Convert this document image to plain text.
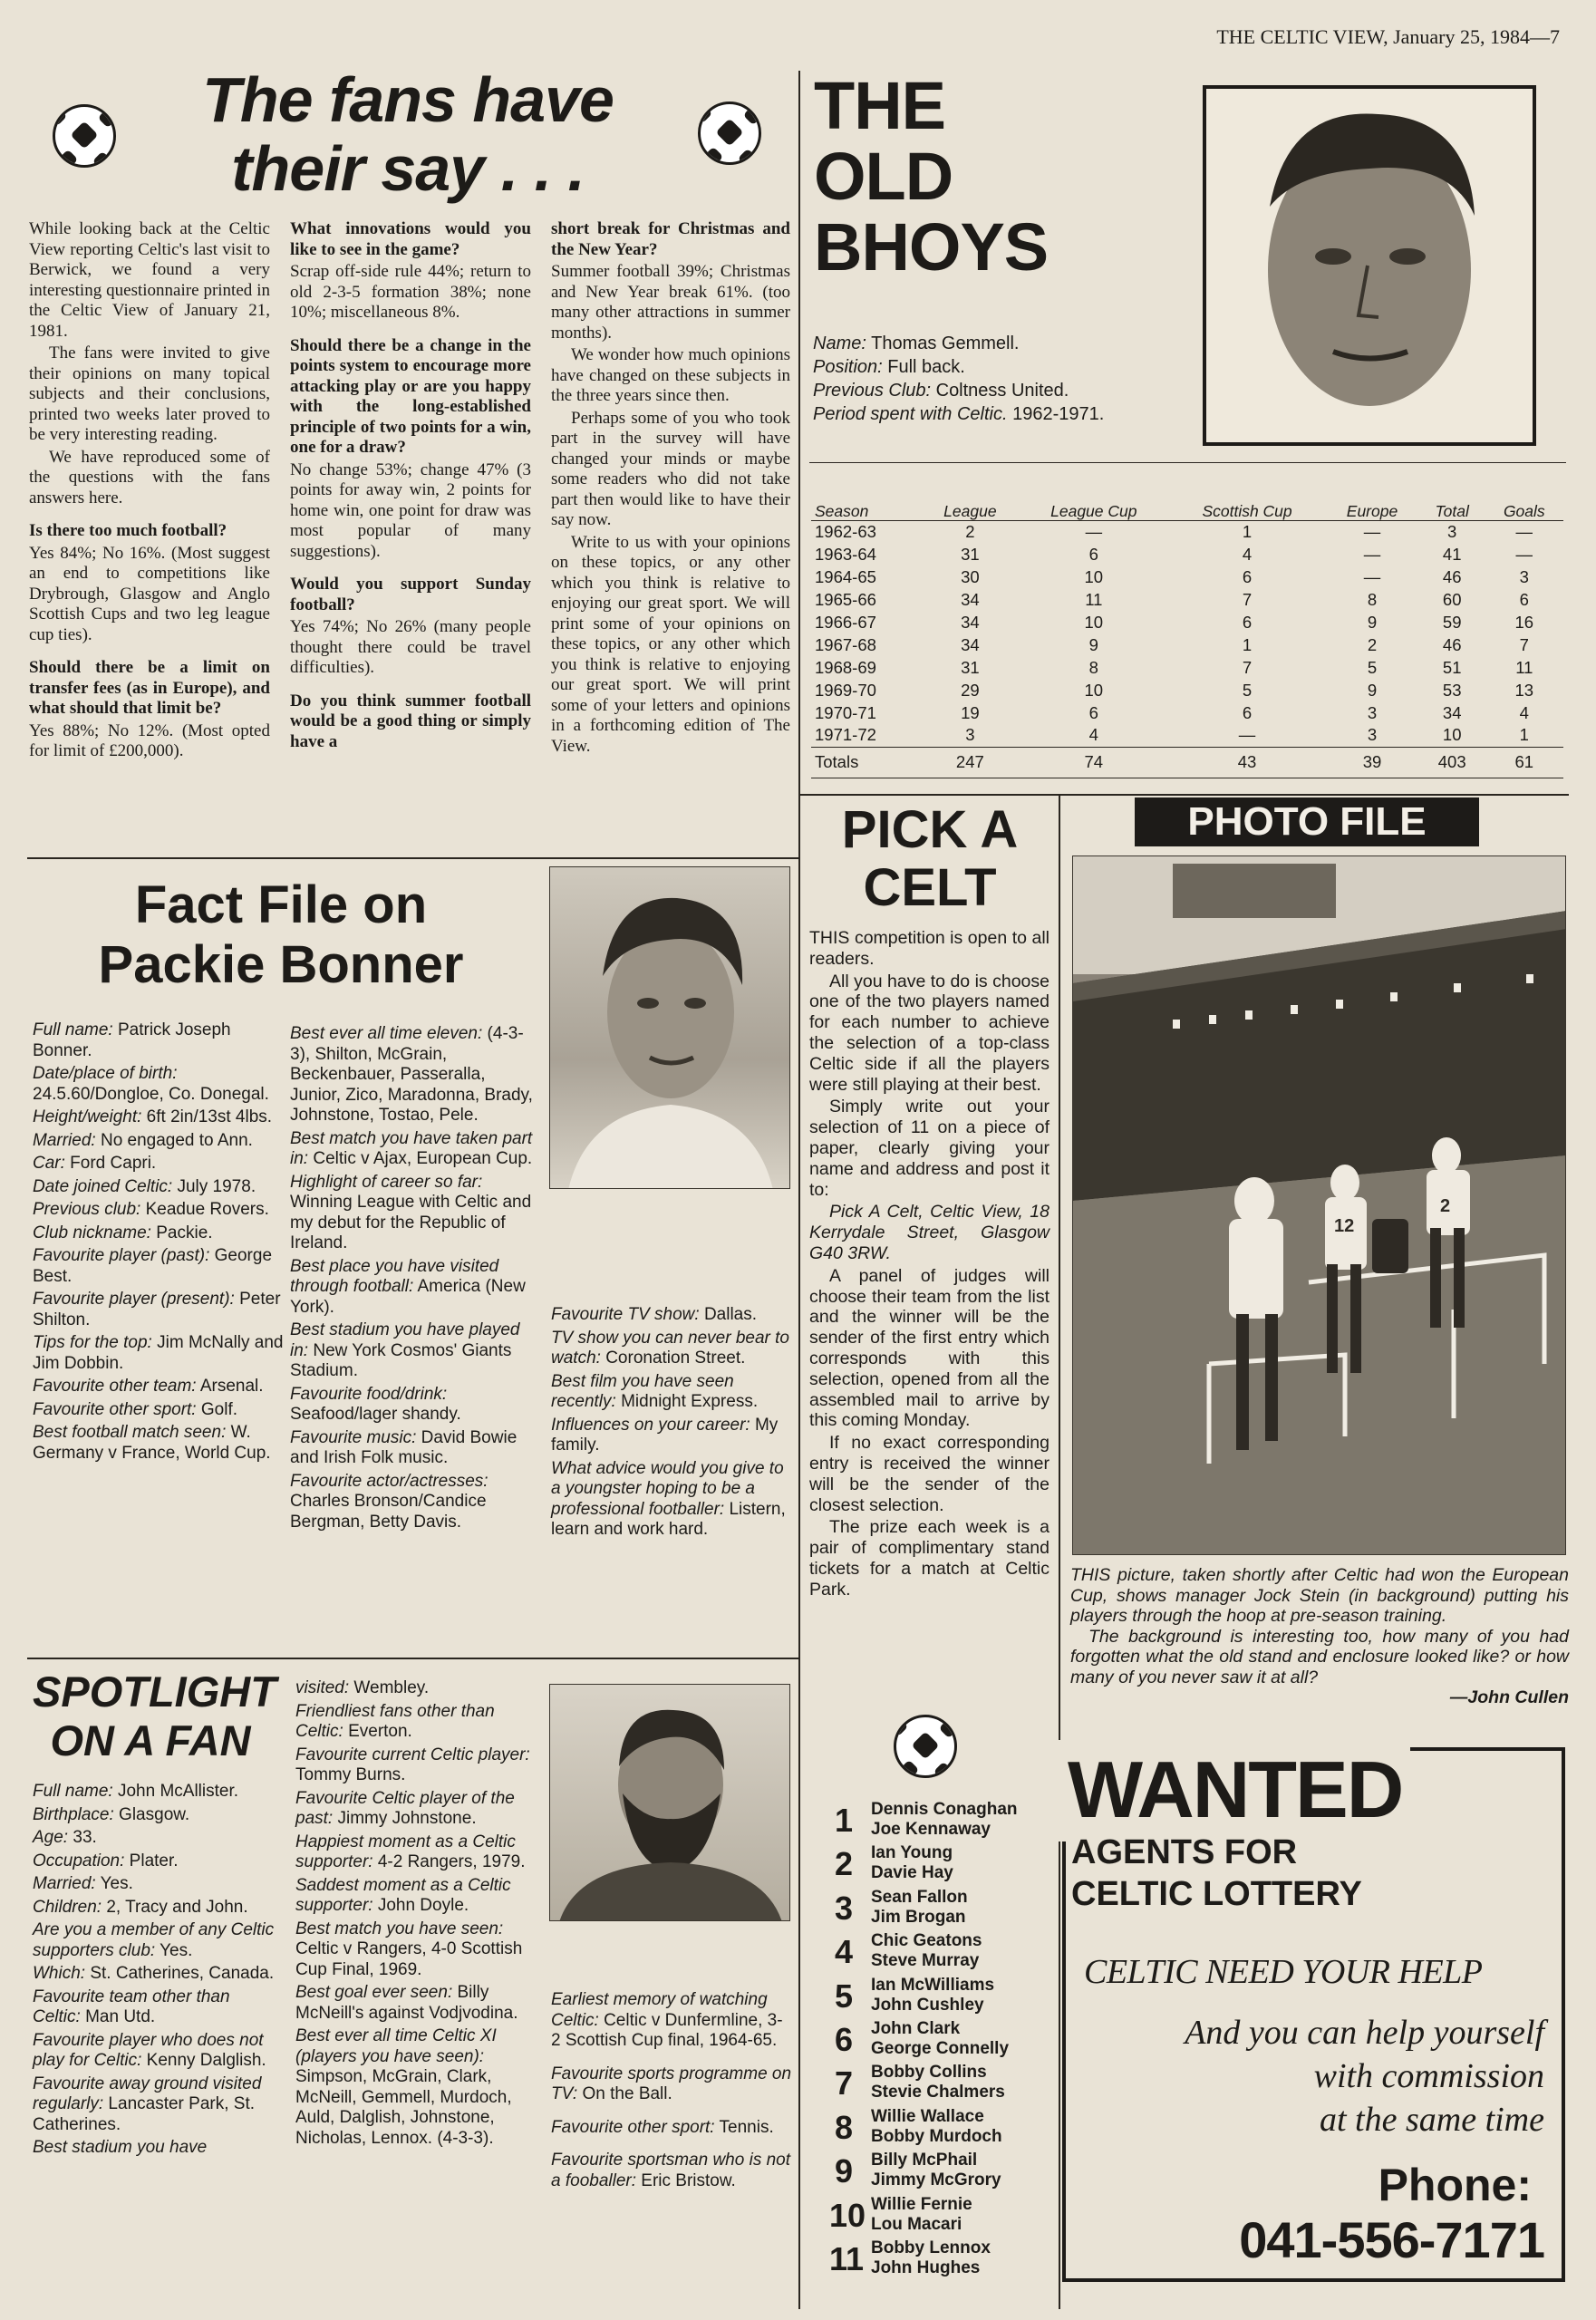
THE CELTIC VIEW, January 25, 1984—7
The fans have
their say . . .

While looking back at the Celtic View reporting Celtic's last visit to Berwick, we found a very interesting questionnaire printed in the Celtic View of January 21, 1981.

The fans were invited to give their opinions on many topical subjects and their conclusions, printed two weeks later proved to be very interesting reading.

We have reproduced some of the questions with the fans answers here.

Is there too much football?

Yes 84%; No 16%. (Most suggest an end to competitions like Drybrough, Glasgow and Anglo Scottish Cups and two leg league cup ties).

Should there be a limit on transfer fees (as in Europe), and what should that limit be?

Yes 88%; No 12%. (Most opted for limit of £200,000).

What innovations would you like to see in the game?

Scrap off-side rule 44%; return to old 2-3-5 formation 38%; none 10%; miscellaneous 8%.

Should there be a change in the points system to encourage more attacking play or are you happy with the long-established principle of two points for a win, one for a draw?

No change 53%; change 47% (3 points for away win, 2 points for home win, one point for draw was most popular of many suggestions).

Would you support Sunday football?

Yes 74%; No 26% (many people thought there could be travel difficulties).

Do you think summer football would be a good thing or simply have a

short break for Christmas and the New Year?

Summer football 39%; Christmas and New Year break 61%. (too many other attractions in summer months).

We wonder how much opinions have changed on these subjects in the three years since then.

Perhaps some of you who took part in the survey will have changed your minds or maybe some readers who did not take part then would like to have their say now.

Write to us with your opinions on these topics, or any other which you think is relative to enjoying our great sport. We will print some of your opinions on these topics, or any other which you think is relative to enjoying our great sport. We will print some of your letters and opinions in a forthcoming edition of The View.

THE
OLD
BHOYS
Name: Thomas Gemmell.
Position: Full back.
Previous Club: Coltness United.
Period spent with Celtic. 1962-1971.
Season	League	League Cup	Scottish Cup	Europe	Total	Goals
1962-63	2	—	1	—	3	—
1963-64	31	6	4	—	41	—
1964-65	30	10	6	—	46	3
1965-66	34	11	7	8	60	6
1966-67	34	10	6	9	59	16
1967-68	34	9	1	2	46	7
1968-69	31	8	7	5	51	11
1969-70	29	10	5	9	53	13
1970-71	19	6	6	3	34	4
1971-72	3	4	—	3	10	1
Totals	247	74	43	39	403	61
Fact File on
Packie Bonner
Full name: Patrick Joseph Bonner.
Date/place of birth: 24.5.60/Dongloe, Co. Donegal.
Height/weight: 6ft 2in/13st 4lbs.
Married: No engaged to Ann.
Car: Ford Capri.
Date joined Celtic: July 1978.
Previous club: Keadue Rovers.
Club nickname: Packie.
Favourite player (past): George Best.
Favourite player (present): Peter Shilton.
Tips for the top: Jim McNally and Jim Dobbin.
Favourite other team: Arsenal.
Favourite other sport: Golf.
Best football match seen: W. Germany v France, World Cup.
Best ever all time eleven: (4-3-3), Shilton, McGrain, Beckenbauer, Passeralla, Junior, Zico, Maradonna, Brady, Johnstone, Tostao, Pele.
Best match you have taken part in: Celtic v Ajax, European Cup.
Highlight of career so far: Winning League with Celtic and my debut for the Republic of Ireland.
Best place you have visited through football: America (New York).
Best stadium you have played in: New York Cosmos' Giants Stadium.
Favourite food/drink: Seafood/lager shandy.
Favourite music: David Bowie and Irish Folk music.
Favourite actor/actresses: Charles Bronson/Candice Bergman, Betty Davis.
Favourite TV show: Dallas.
TV show you can never bear to watch: Coronation Street.
Best film you have seen recently: Midnight Express.
Influences on your career: My family.
What advice would you give to a youngster hoping to be a professional footballer: Listern, learn and work hard.
SPOTLIGHT
ON A FAN
Full name: John McAllister.
Birthplace: Glasgow.
Age: 33.
Occupation: Plater.
Married: Yes.
Children: 2, Tracy and John.
Are you a member of any Celtic supporters club: Yes.
Which: St. Catherines, Canada.
Favourite team other than Celtic: Man Utd.
Favourite player who does not play for Celtic: Kenny Dalglish.
Favourite away ground visited regularly: Lancaster Park, St. Catherines.
Best stadium you have
visited: Wembley.
Friendliest fans other than Celtic: Everton.
Favourite current Celtic player: Tommy Burns.
Favourite Celtic player of the past: Jimmy Johnstone.
Happiest moment as a Celtic supporter: 4-2 Rangers, 1979.
Saddest moment as a Celtic supporter: John Doyle.
Best match you have seen: Celtic v Rangers, 4-0 Scottish Cup Final, 1969.
Best goal ever seen: Billy McNeill's against Vodjvodina.
Best ever all time Celtic XI (players you have seen): Simpson, McGrain, Clark, McNeill, Gemmell, Murdoch, Auld, Dalglish, Johnstone, Nicholas, Lennox. (4-3-3).
Earliest memory of watching Celtic: Celtic v Dunfermline, 3-2 Scottish Cup final, 1964-65.
Favourite sports programme on TV: On the Ball.
Favourite other sport: Tennis.
Favourite sportsman who is not a fooballer: Eric Bristow.
PICK A
CELT

THIS competition is open to all readers.

All you have to do is choose one of the two players named for each number to achieve the selection of a top-class Celtic side if all the players were still playing at their best.

Simply write out your selection of 11 on a piece of paper, clearly giving your name and address and post it to:

Pick A Celt, Celtic View, 18 Kerrydale Street, Glasgow G40 3RW.

A panel of judges will choose their team from the list and the winner will be the sender of the first entry which corresponds with this selection, opened from all the assembled mail to arrive by this coming Monday.

If no exact corresponding entry is received the winner will be the sender of the closest selection.

The prize each week is a pair of complimentary stand tickets for a match at Celtic Park.

1	Dennis Conaghan
Joe Kennaway
2	Ian Young
Davie Hay
3	Sean Fallon
Jim Brogan
4	Chic Geatons
Steve Murray
5	Ian McWilliams
John Cushley
6	John Clark
George Connelly
7	Bobby Collins
Stevie Chalmers
8	Willie Wallace
Bobby Murdoch
9	Billy McPhail
Jimmy McGrory
10 Willie Fernie
Lou Macari
11 Bobby Lennox
John Hughes
PHOTO FILE
12
2
THIS picture, taken shortly after Celtic had won the European Cup, shows manager Jock Stein (in background) putting his players through the hoop at pre-season training.
The background is interesting too, how many of you had forgotten what the old stand and enclosure looked like? or how many of you never saw it at all?
—John Cullen
WANTED
AGENTS FOR
CELTIC LOTTERY
CELTIC NEED YOUR HELP
And you can help yourself
with commission
at the same time
Phone:
041-556-7171
